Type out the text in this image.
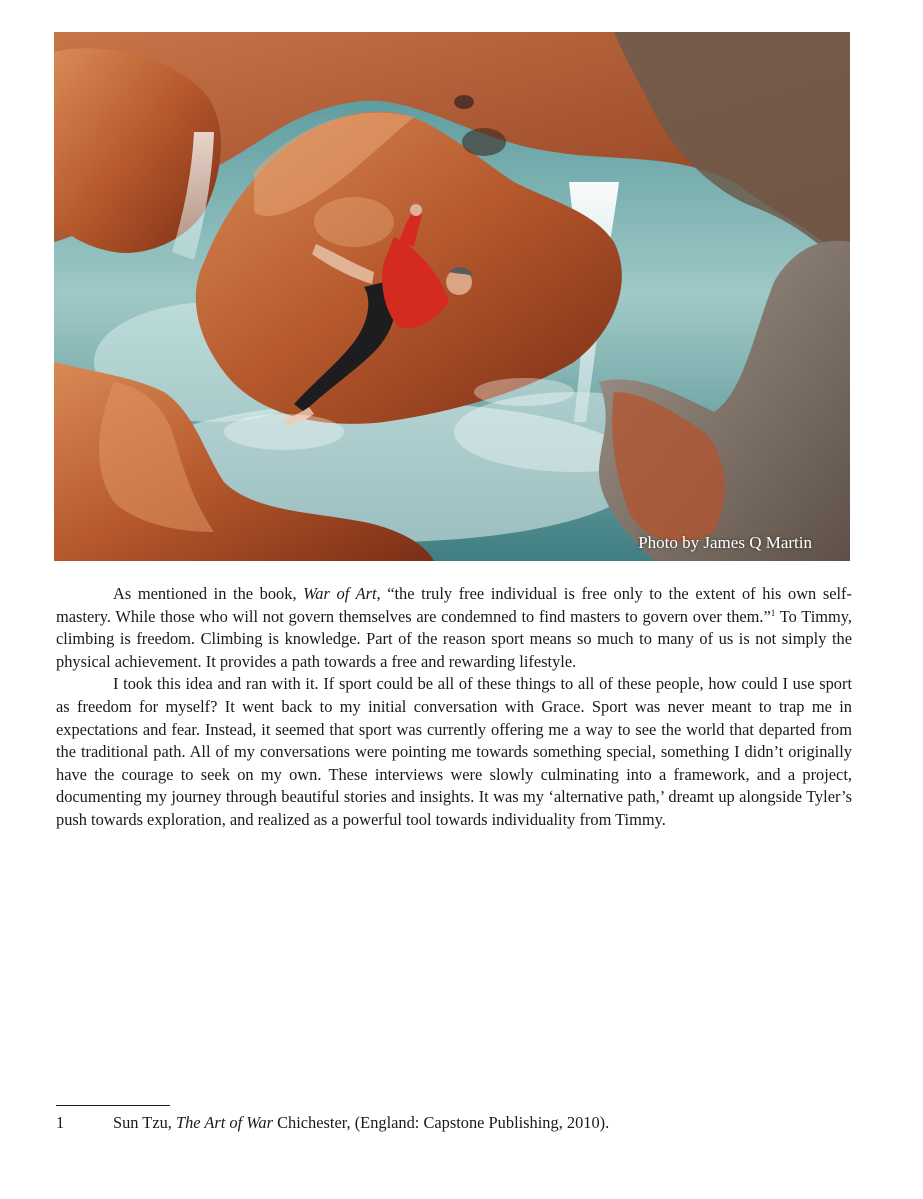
Photo by James Q Martin

As mentioned in the book, War of Art, “the truly free individual is free only to the extent of his own self-mastery. While those who will not govern themselves are condemned to find masters to govern over them.”$^1$ To Timmy, climbing is freedom. Climbing is knowledge. Part of the reason sport means so much to many of us is not simply the physical achievement. It provides a path towards a free and rewarding lifestyle.

I took this idea and ran with it. If sport could be all of these things to all of these people, how could I use sport as freedom for myself? It went back to my initial conversation with Grace. Sport was never meant to trap me in expectations and fear. Instead, it seemed that sport was currently offering me a way to see the world that departed from the traditional path. All of my conversations were pointing me towards something special, something I didn’t originally have the courage to seek on my own. These interviews were slowly culminating into a framework, and a project, documenting my journey through beautiful stories and insights. It was my ‘alternative path,’ dreamt up alongside Tyler’s push towards exploration, and realized as a powerful tool towards individuality from Timmy.

1	Sun Tzu, The Art of War Chichester, (England: Capstone Publishing, 2010).
